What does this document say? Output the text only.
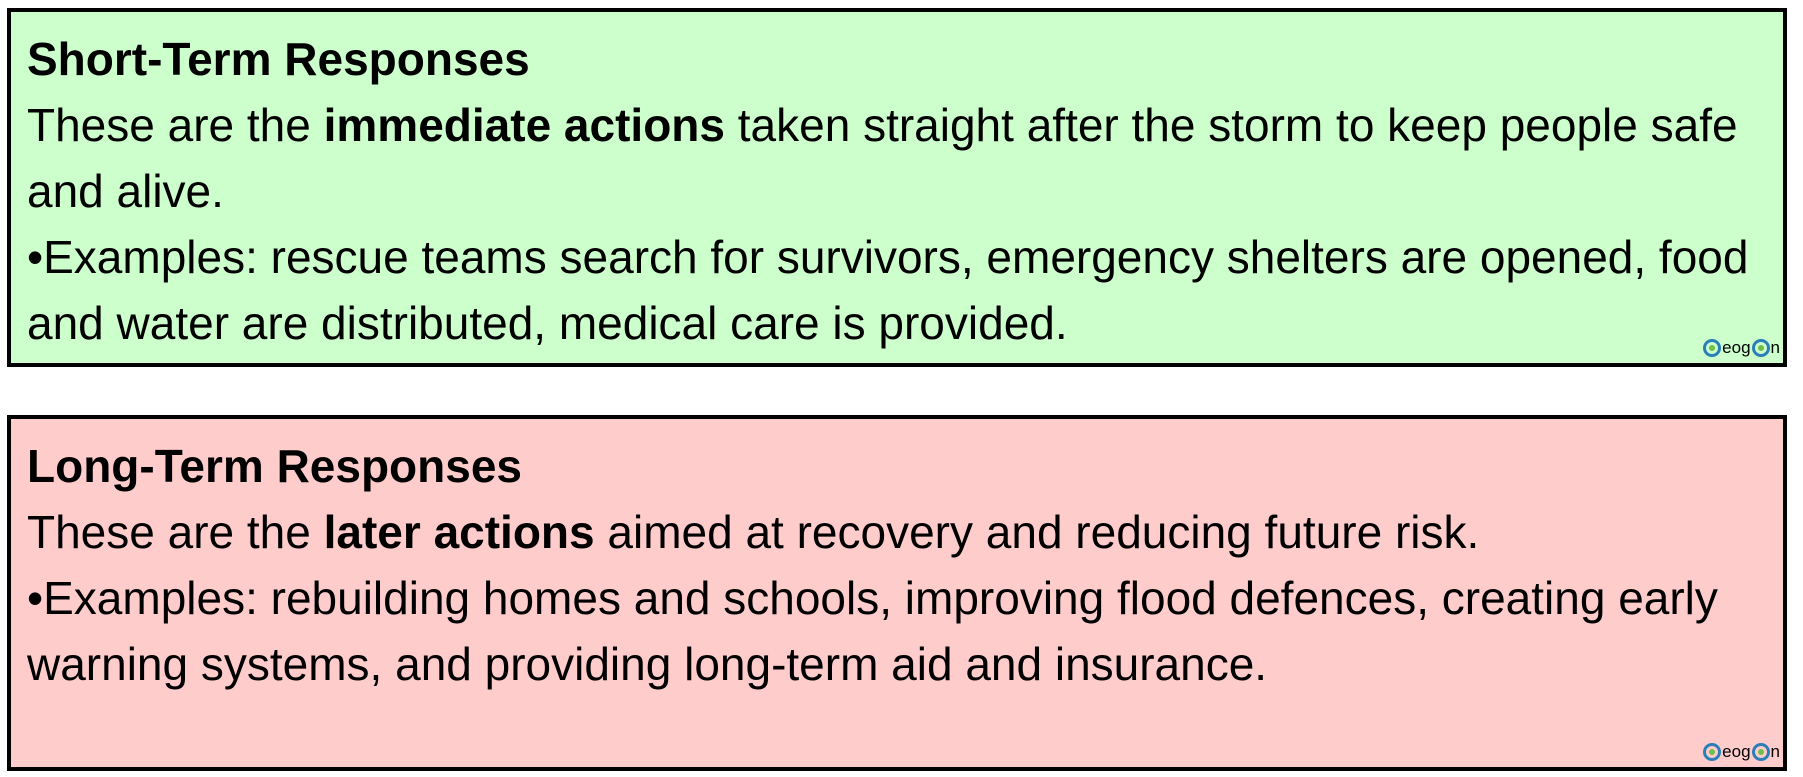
Short-Term Responses

These are the immediate actions taken straight after the storm to keep people safe and alive.

•Examples: rescue teams search for survivors, emergency shelters are opened, food and water are distributed, medical care is provided.	eog n

Long-Term Responses

These are the later actions aimed at recovery and reducing future risk.

•Examples: rebuilding homes and schools, improving flood defences, creating early warning systems, and providing long-term aid and insurance.

eog n
